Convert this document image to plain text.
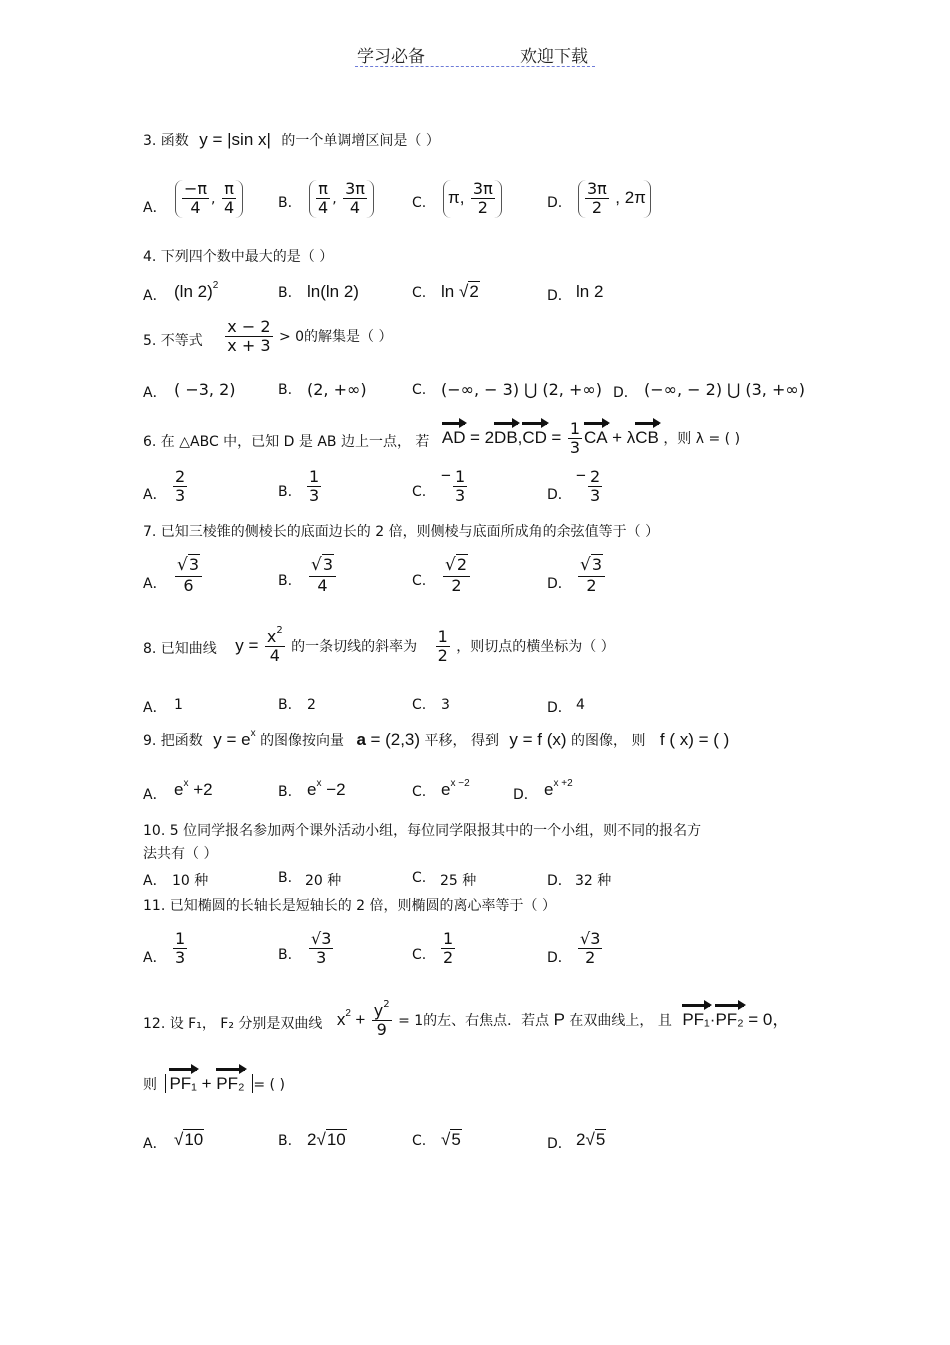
学习必备	欢迎下载
3. 函数 y = |sin x| 的一个单调增区间是（ ）
A． $\frac{-\pi}{4}$ , $\frac{\pi}{4}$	B. $\frac{\pi}{4}$ , $\frac{3\pi}{4}$	C. π, $\frac{3\pi}{2}$	D. $\frac{3\pi}{2}$ , 2π
4. 下列四个数中最大的是（ ）
A． (ln 2)$^2$	B. ln(ln 2)	C. ln √2	D． ln 2
5. 不等式 $\frac{x - 2}{x + 3} > 0$的解集是（ ）
A． ( −3, 2)	B. (2, +∞)	C. (−∞, − 3) ⋃ (2, +∞) D． (−∞, − 2) ⋃ (3, +∞)
6. 在 △ABC 中，已知 D 是 AB 边上一点， 若 AD = $2DB,CD = \frac{1}{3}$ CA + λCB ，则 λ = ( )
A． $\frac{2}{3}$	B. $\frac{1}{3}$	C.
− $\frac{1}{3}$	D．
− $\frac{2}{3}$
7. 已知三棱锥的侧棱长的底面边长的 2 倍，则侧棱与底面所成角的余弦值等于（ ）
A． $\frac{√3}{6}$	B. $\frac{√3}{4}$	C. $\frac{√2}{2}$	D． $\frac{√3}{2}$
8. 已知曲线 $y = \frac{x^2}{4}$ 的一条切线的斜率为 $\frac{1}{2}$ ，则切点的横坐标为（ ）
A． 1	B. 2	C. 3	D． 4
9. 把函数 $y = e^x$ 的图像按向量 a = (2,3) 平移， 得到 y = f (x) 的图像， 则 f ( x) = ( )
A． $e^x +2$	B. $e^x -2$	C. $e^{x -2}$
D． $e^{x +2}$
10. 5 位同学报名参加两个课外活动小组，每位同学限报其中的一个小组，则不同的报名方
法共有（ ）
A． 10 种	B. 20 种	C. 25 种	D． 32 种
11. 已知椭圆的长轴长是短轴长的 2 倍，则椭圆的离心率等于（ ）
A． $\frac{1}{3}$	B. $\frac{√3}{3}$	C. $\frac{1}{2}$	D． $\frac{√3}{2}$
12. 设 F₁， F₂ 分别是双曲线 $x^2 + \frac{y^2}{9} = 1$的左、右焦点．若点 P 在双曲线上， 且 PF₁·PF₂ = 0，
则 PF₁ + PF₂ = ( )
A． √10	B. 2√10	C. √5	D． 2√5
